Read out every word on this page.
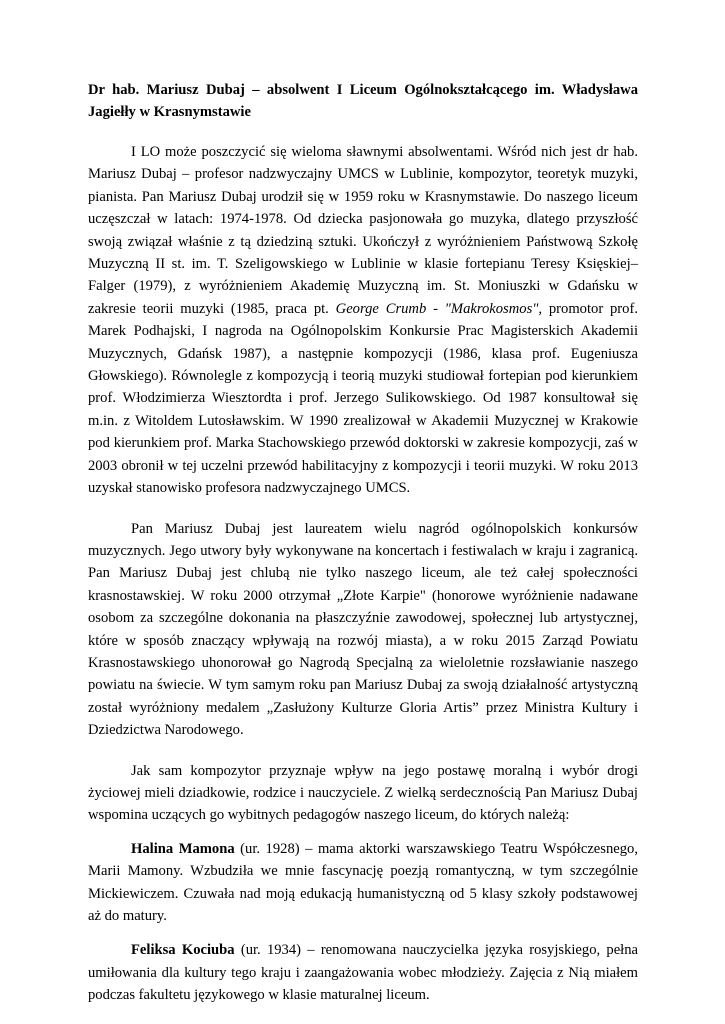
Dr hab. Mariusz Dubaj – absolwent I Liceum Ogólnokształcącego im. Władysława Jagiełły w Krasnymstawie

I LO może poszczycić się wieloma sławnymi absolwentami. Wśród nich jest dr hab. Mariusz Dubaj – profesor nadzwyczajny UMCS w Lublinie, kompozytor, teoretyk muzyki, pianista. Pan Mariusz Dubaj urodził się w 1959 roku w Krasnymstawie. Do naszego liceum uczęszczał w latach: 1974-1978. Od dziecka pasjonowała go muzyka, dlatego przyszłość swoją związał właśnie z tą dziedziną sztuki. Ukończył z wyróżnieniem Państwową Szkołę Muzyczną II st. im. T. Szeligowskiego w Lublinie w klasie fortepianu Teresy Księskiej–Falger (1979), z wyróżnieniem Akademię Muzyczną im. St. Moniuszki w Gdańsku w zakresie teorii muzyki (1985, praca pt. George Crumb - "Makrokosmos", promotor prof. Marek Podhajski, I nagroda na Ogólnopolskim Konkursie Prac Magisterskich Akademii Muzycznych, Gdańsk 1987), a następnie kompozycji (1986, klasa prof. Eugeniusza Głowskiego). Równolegle z kompozycją i teorią muzyki studiował fortepian pod kierunkiem prof. Włodzimierza Wiesztordta i prof. Jerzego Sulikowskiego. Od 1987 konsultował się m.in. z Witoldem Lutosławskim. W 1990 zrealizował w Akademii Muzycznej w Krakowie pod kierunkiem prof. Marka Stachowskiego przewód doktorski w zakresie kompozycji, zaś w 2003 obronił w tej uczelni przewód habilitacyjny z kompozycji i teorii muzyki. W roku 2013 uzyskał stanowisko profesora nadzwyczajnego UMCS.

Pan Mariusz Dubaj jest laureatem wielu nagród ogólnopolskich konkursów muzycznych. Jego utwory były wykonywane na koncertach i festiwalach w kraju i zagranicą. Pan Mariusz Dubaj jest chlubą nie tylko naszego liceum, ale też całej społeczności krasnostawskiej. W roku 2000 otrzymał „Złote Karpie" (honorowe wyróżnienie nadawane osobom za szczególne dokonania na płaszczyźnie zawodowej, społecznej lub artystycznej, które w sposób znaczący wpływają na rozwój miasta), a w roku 2015 Zarząd Powiatu Krasnostawskiego uhonorował go Nagrodą Specjalną za wieloletnie rozsławianie naszego powiatu na świecie. W tym samym roku pan Mariusz Dubaj za swoją działalność artystyczną został wyróżniony medalem „Zasłużony Kulturze Gloria Artis” przez Ministra Kultury i Dziedzictwa Narodowego.

Jak sam kompozytor przyznaje wpływ na jego postawę moralną i wybór drogi życiowej mieli dziadkowie, rodzice i nauczyciele. Z wielką serdecznością Pan Mariusz Dubaj wspomina uczących go wybitnych pedagogów naszego liceum, do których należą:

Halina Mamona (ur. 1928) – mama aktorki warszawskiego Teatru Współczesnego, Marii Mamony. Wzbudziła we mnie fascynację poezją romantyczną, w tym szczególnie Mickiewiczem. Czuwała nad moją edukacją humanistyczną od 5 klasy szkoły podstawowej aż do matury.

Feliksa Kociuba (ur. 1934) – renomowana nauczycielka języka rosyjskiego, pełna umiłowania dla kultury tego kraju i zaangażowania wobec młodzieży. Zajęcia z Nią miałem podczas fakultetu językowego w klasie maturalnej liceum.
